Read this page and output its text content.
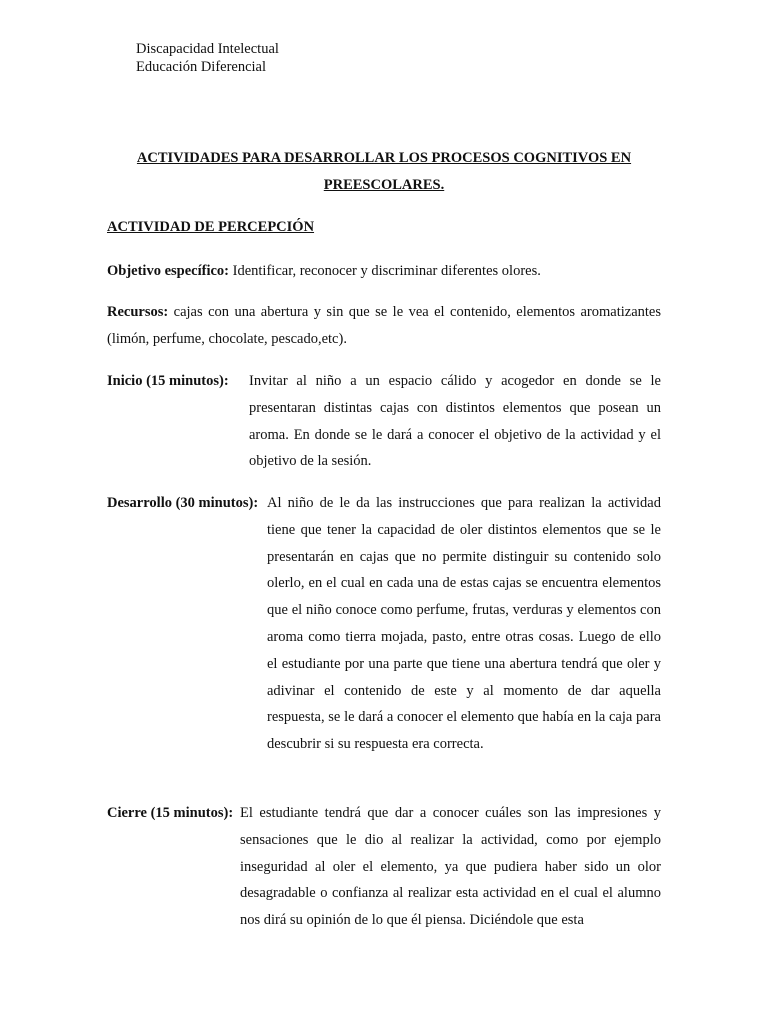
Discapacidad Intelectual
Educación Diferencial
ACTIVIDADES PARA DESARROLLAR LOS PROCESOS COGNITIVOS EN PREESCOLARES.
ACTIVIDAD DE PERCEPCIÓN
Objetivo específico: Identificar, reconocer y discriminar diferentes olores.
Recursos: cajas con una abertura y sin que se le vea el contenido, elementos aromatizantes (limón, perfume, chocolate, pescado,etc).
Inicio (15 minutos): Invitar al niño a un espacio cálido y acogedor en donde se le presentaran distintas cajas con distintos elementos que posean un aroma. En donde se le dará a conocer el objetivo de la actividad y el objetivo de la sesión.
Desarrollo (30 minutos): Al niño de le da las instrucciones que para realizan la actividad tiene que tener la capacidad de oler distintos elementos que se le presentarán en cajas que no permite distinguir su contenido solo olerlo, en el cual en cada una de estas cajas se encuentra elementos que el niño conoce como perfume, frutas, verduras y elementos con aroma como tierra mojada, pasto, entre otras cosas. Luego de ello el estudiante por una parte que tiene una abertura tendrá que oler y adivinar el contenido de este y al momento de dar aquella respuesta, se le dará a conocer el elemento que había en la caja para descubrir si su respuesta era correcta.
Cierre (15 minutos): El estudiante tendrá que dar a conocer cuáles son las impresiones y sensaciones que le dio al realizar la actividad, como por ejemplo inseguridad al oler el elemento, ya que pudiera haber sido un olor desagradable o confianza al realizar esta actividad en el cual el alumno nos dirá su opinión de lo que él piensa. Diciéndole que esta
